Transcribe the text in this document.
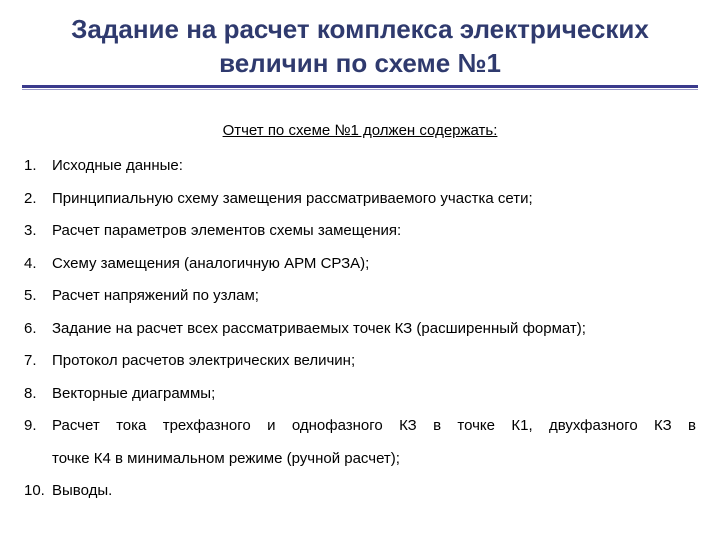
Задание на расчет комплекса электрических
величин по схеме №1
Отчет по схеме №1 должен содержать:
1. Исходные данные:
2. Принципиальную схему замещения рассматриваемого участка сети;
3. Расчет параметров элементов схемы замещения:
4. Схему замещения (аналогичную АРМ СРЗА);
5. Расчет напряжений по узлам;
6. Задание на расчет всех рассматриваемых точек КЗ (расширенный формат);
7. Протокол расчетов электрических величин;
8. Векторные диаграммы;
9. Расчет тока трехфазного и однофазного КЗ в точке К1, двухфазного КЗ в
точке К4 в минимальном режиме (ручной расчет);
10. Выводы.
